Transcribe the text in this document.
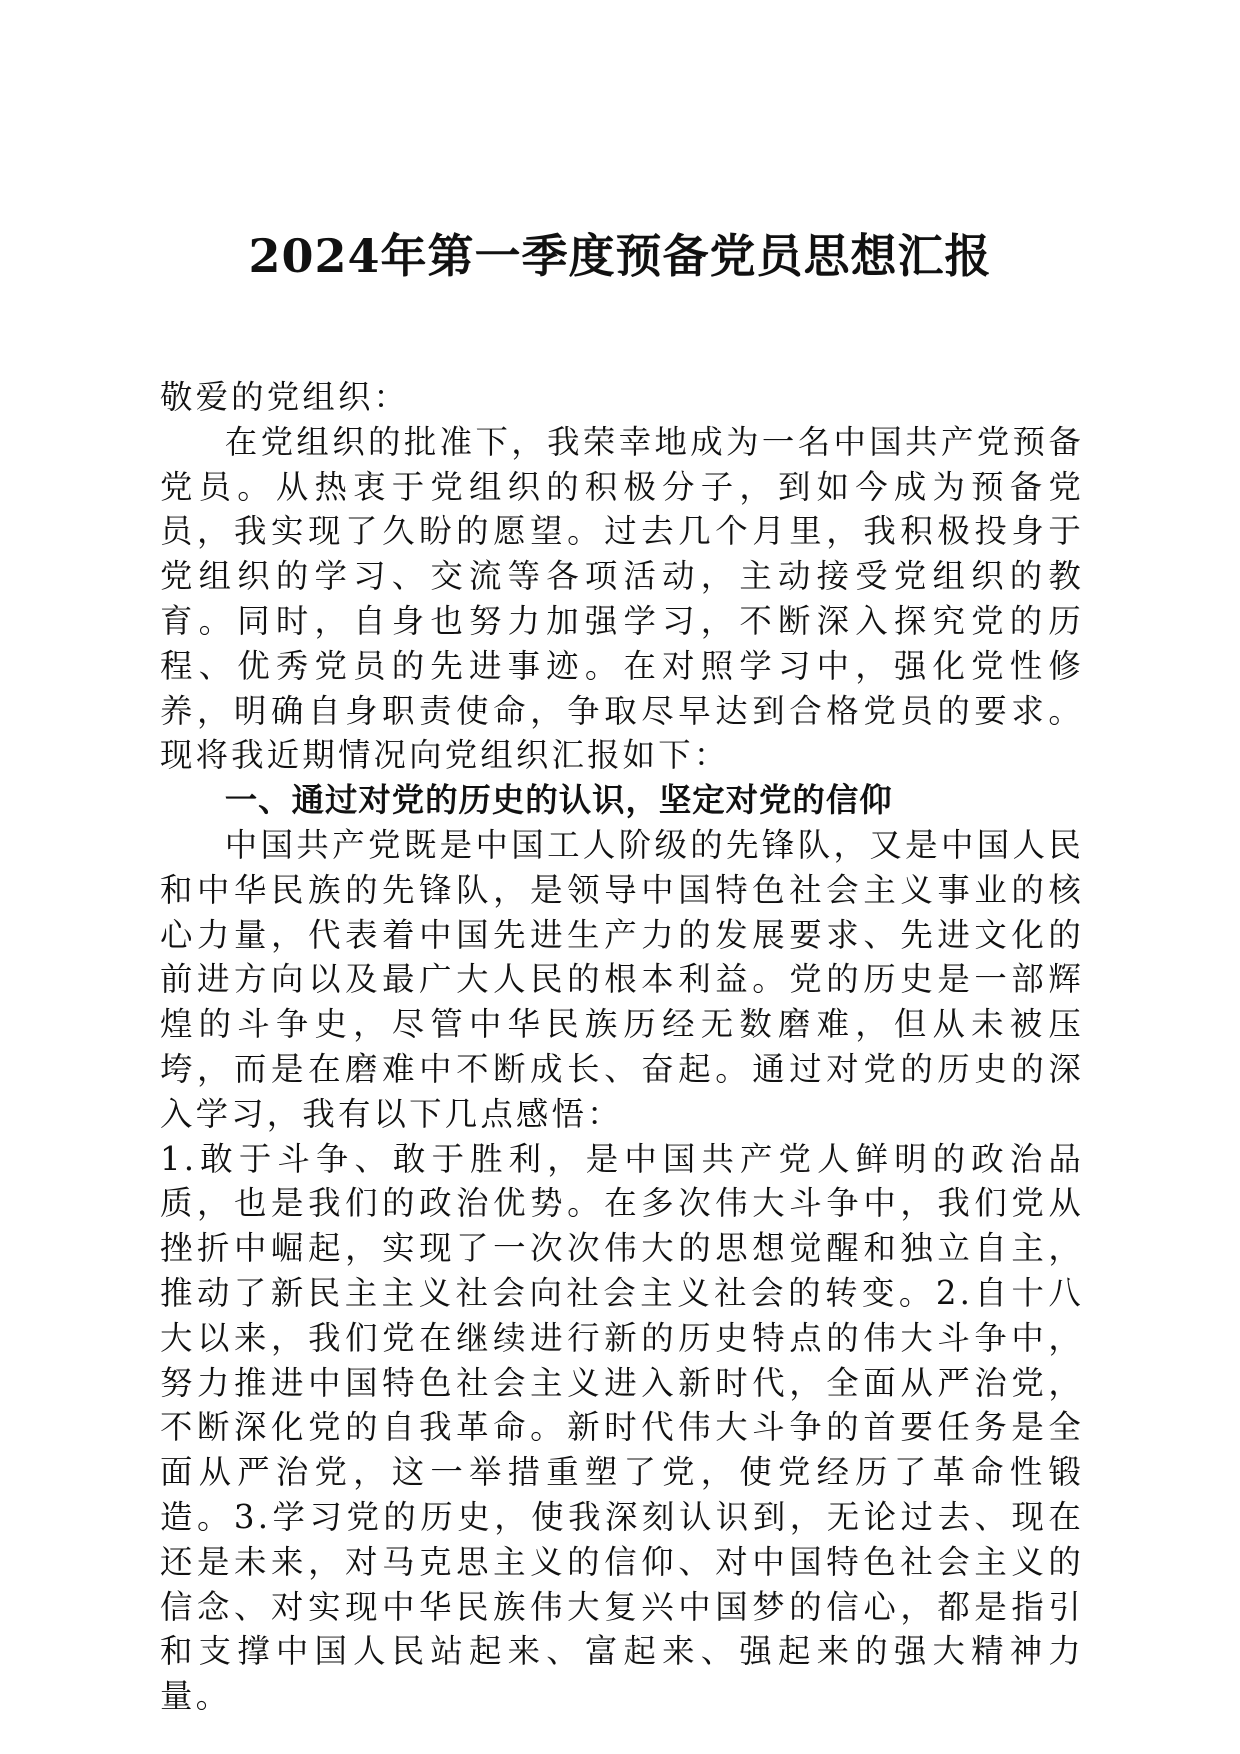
2024年第一季度预备党员思想汇报

敬爱的党组织：

在党组织的批准下，我荣幸地成为一名中国共产党预备党员。从热衷于党组织的积极分子，到如今成为预备党员，我实现了久盼的愿望。过去几个月里，我积极投身于党组织的学习、交流等各项活动，主动接受党组织的教育。同时，自身也努力加强学习，不断深入探究党的历程、优秀党员的先进事迹。在对照学习中，强化党性修养，明确自身职责使命，争取尽早达到合格党员的要求。现将我近期情况向党组织汇报如下：

一、通过对党的历史的认识，坚定对党的信仰

中国共产党既是中国工人阶级的先锋队，又是中国人民和中华民族的先锋队，是领导中国特色社会主义事业的核心力量，代表着中国先进生产力的发展要求、先进文化的前进方向以及最广大人民的根本利益。党的历史是一部辉煌的斗争史，尽管中华民族历经无数磨难，但从未被压垮，而是在磨难中不断成长、奋起。通过对党的历史的深入学习，我有以下几点感悟：

1.敢于斗争、敢于胜利，是中国共产党人鲜明的政治品质，也是我们的政治优势。在多次伟大斗争中，我们党从挫折中崛起，实现了一次次伟大的思想觉醒和独立自主，推动了新民主主义社会向社会主义社会的转变。2.自十八大以来，我们党在继续进行新的历史特点的伟大斗争中，努力推进中国特色社会主义进入新时代，全面从严治党，不断深化党的自我革命。新时代伟大斗争的首要任务是全面从严治党，这一举措重塑了党，使党经历了革命性锻造。3.学习党的历史，使我深刻认识到，无论过去、现在还是未来，对马克思主义的信仰、对中国特色社会主义的信念、对实现中华民族伟大复兴中国梦的信心，都是指引和支撑中国人民站起来、富起来、强起来的强大精神力量。
